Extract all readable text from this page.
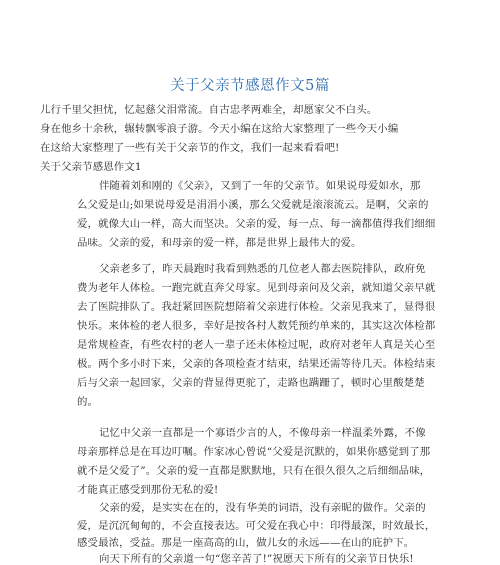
关于父亲节感恩作文5篇

儿行千里父担忧，忆起慈父泪常流。自古忠孝两难全，却愿家父不白头。

身在他乡十余秋，辗转飘零浪子游。今天小编在这给大家整理了一些今天小编

在这给大家整理了一些有关于父亲节的作文，我们一起来看看吧!

关于父亲节感恩作文1

伴随着刘和刚的《父亲》，又到了一年的父亲节。如果说母爱如水，那

么父爱是山;如果说母爱是涓涓小溪，那么父爱就是滚滚流云。是啊，父亲的

爱，就像大山一样，高大而坚决。父亲的爱，每一点、每一滴都值得我们细细

品味。父亲的爱，和母亲的爱一样，都是世界上最伟大的爱。

父亲老多了，昨天晨跑时我看到熟悉的几位老人都去医院排队，政府免

费为老年人体检。一跑完就直奔父母家。见到母亲问及父亲，就知道父亲早就

去了医院排队了。我赶紧回医院想陪着父亲进行体检。父亲见我来了，显得很

快乐。来体检的老人很多，幸好是按各村人数凭预约单来的，其实这次体检都

是常规检查，有些农村的老人一辈子还未体检过呢，政府对老年人真是关心至

极。两个多小时下来，父亲的各项检查才结束，结果还需等待几天。体检结束

后与父亲一起回家，父亲的背显得更驼了，走路也蹒跚了，顿时心里酸楚楚

的。

记忆中父亲一直都是一个寡语少言的人，不像母亲一样温柔外露，不像

母亲那样总是在耳边叮嘱。作家冰心曾说“父爱是沉默的，如果你感觉到了那

就不是父爱了”。父亲的爱一直都是默默地，只有在很久很久之后细细品味，

才能真正感受到那份无私的爱!

父亲的爱，是实实在在的，没有华美的词语，没有亲昵的做作。父亲的

爱，是沉沉甸甸的，不会直接表达。可父爱在我心中：印得最深，时效最长，

感受最浓，受益。那是一座高高的山，做儿女的永远——在山的庇护下。

向天下所有的父亲道一句“您辛苦了!”祝愿天下所有的父亲节日快乐!
